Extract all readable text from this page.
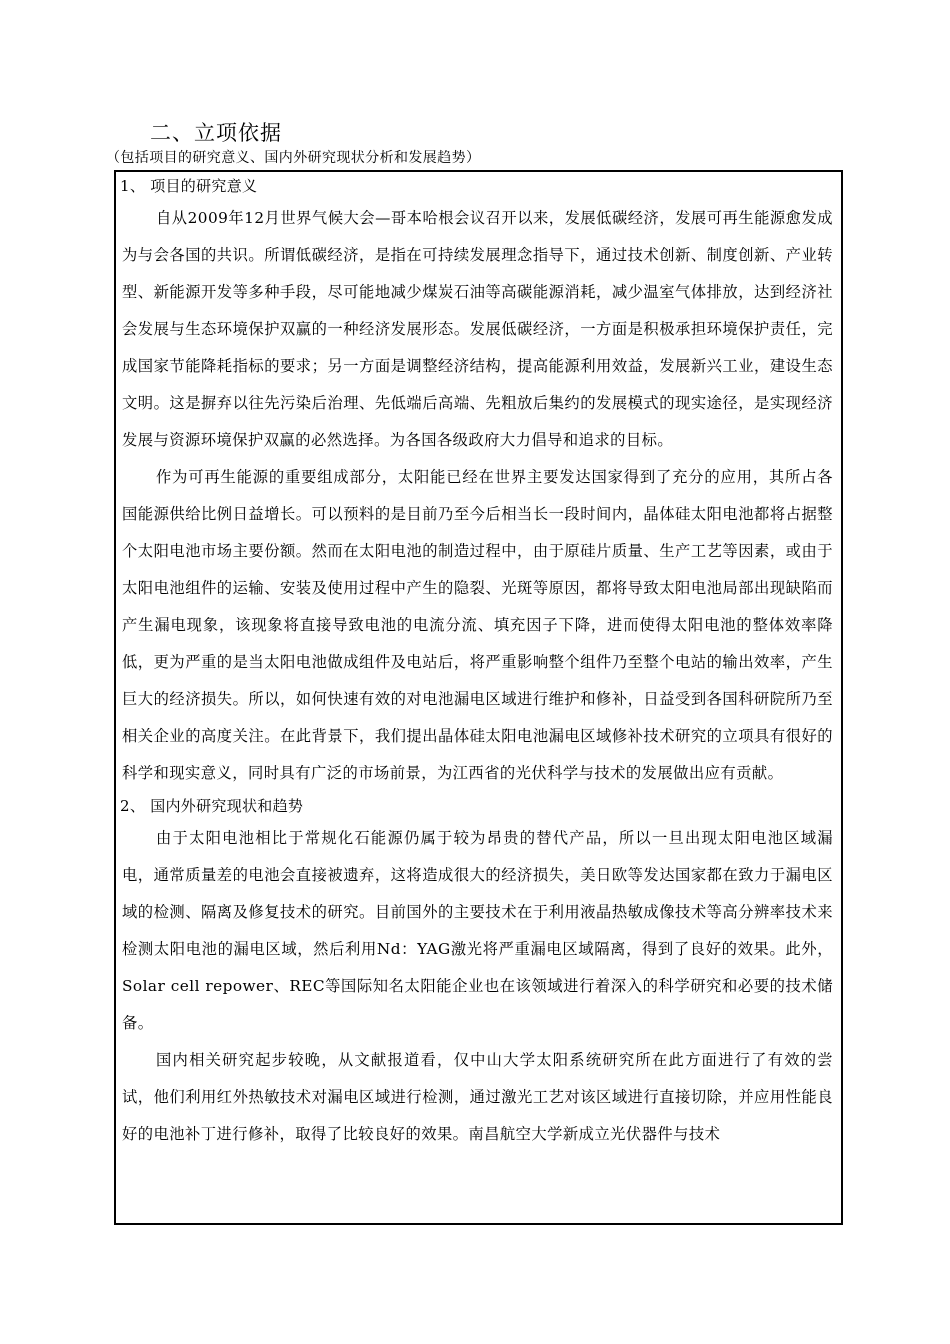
二、立项依据

（包括项目的研究意义、国内外研究现状分析和发展趋势）

1、 项目的研究意义

自从2009年12月世界气候大会—哥本哈根会议召开以来，发展低碳经济，发展可再生能源愈发成为与会各国的共识。所谓低碳经济，是指在可持续发展理念指导下，通过技术创新、制度创新、产业转型、新能源开发等多种手段，尽可能地减少煤炭石油等高碳能源消耗，减少温室气体排放，达到经济社会发展与生态环境保护双赢的一种经济发展形态。发展低碳经济，一方面是积极承担环境保护责任，完成国家节能降耗指标的要求；另一方面是调整经济结构，提高能源利用效益，发展新兴工业，建设生态文明。这是摒弃以往先污染后治理、先低端后高端、先粗放后集约的发展模式的现实途径，是实现经济发展与资源环境保护双赢的必然选择。为各国各级政府大力倡导和追求的目标。

作为可再生能源的重要组成部分，太阳能已经在世界主要发达国家得到了充分的应用，其所占各国能源供给比例日益增长。可以预料的是目前乃至今后相当长一段时间内，晶体硅太阳电池都将占据整个太阳电池市场主要份额。然而在太阳电池的制造过程中，由于原硅片质量、生产工艺等因素，或由于太阳电池组件的运输、安装及使用过程中产生的隐裂、光斑等原因，都将导致太阳电池局部出现缺陷而产生漏电现象，该现象将直接导致电池的电流分流、填充因子下降，进而使得太阳电池的整体效率降低，更为严重的是当太阳电池做成组件及电站后，将严重影响整个组件乃至整个电站的输出效率，产生巨大的经济损失。所以，如何快速有效的对电池漏电区域进行维护和修补，日益受到各国科研院所乃至相关企业的高度关注。在此背景下，我们提出晶体硅太阳电池漏电区域修补技术研究的立项具有很好的科学和现实意义，同时具有广泛的市场前景，为江西省的光伏科学与技术的发展做出应有贡献。

2、 国内外研究现状和趋势

由于太阳电池相比于常规化石能源仍属于较为昂贵的替代产品，所以一旦出现太阳电池区域漏电，通常质量差的电池会直接被遗弃，这将造成很大的经济损失，美日欧等发达国家都在致力于漏电区域的检测、隔离及修复技术的研究。目前国外的主要技术在于利用液晶热敏成像技术等高分辨率技术来检测太阳电池的漏电区域，然后利用Nd：YAG激光将严重漏电区域隔离，得到了良好的效果。此外，Solar cell repower、REC等国际知名太阳能企业也在该领域进行着深入的科学研究和必要的技术储备。

国内相关研究起步较晚，从文献报道看，仅中山大学太阳系统研究所在此方面进行了有效的尝试，他们利用红外热敏技术对漏电区域进行检测，通过激光工艺对该区域进行直接切除，并应用性能良好的电池补丁进行修补，取得了比较良好的效果。南昌航空大学新成立光伏器件与技术
